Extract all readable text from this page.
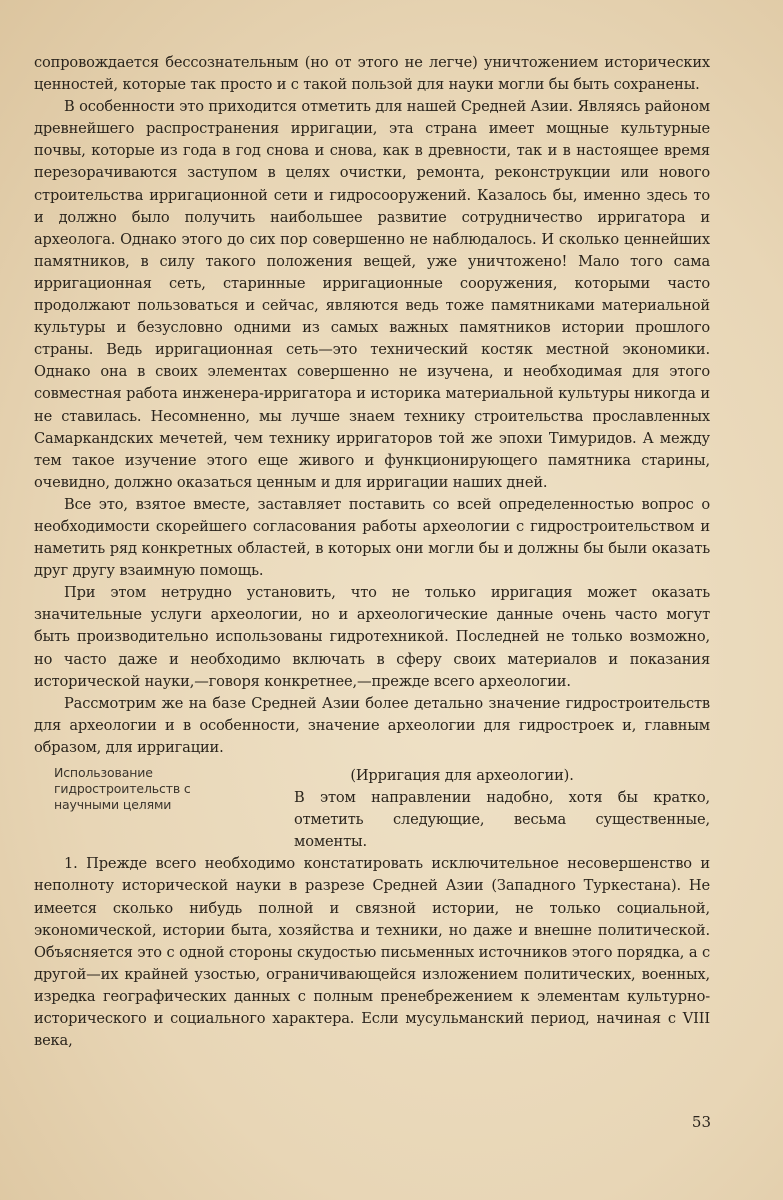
сопровождается бессознательным (но от этого не легче) уничтожением исторических ценностей, которые так просто и с такой пользой для науки могли бы быть сохранены.

В особенности это приходится отметить для нашей Средней Азии. Являясь районом древнейшего распространения ирригации, эта страна имеет мощные культурные почвы, которые из года в год снова и снова, как в древности, так и в настоящее время перезорачиваются заступом в целях очистки, ремонта, реконструкции или нового строительства ирригационной сети и гидросооружений. Казалось бы, именно здесь то и должно было получить наибольшее развитие сотрудничество ирригатора и археолога. Однако этого до сих пор совершенно не наблюдалось. И сколько ценнейших памятников, в силу такого положения вещей, уже уничтожено! Мало того сама ирригационная сеть, старинные ирригационные сооружения, которыми часто продолжают пользоваться и сейчас, являются ведь тоже памятниками материальной культуры и безусловно одними из самых важных памятников истории прошлого страны. Ведь ирригационная сеть—это технический костяк местной экономики. Однако она в своих элементах совершенно не изучена, и необходимая для этого совместная работа инженера-ирригатора и историка материальной культуры никогда и не ставилась. Несомненно, мы лучше знаем технику строительства прославленных Самаркандских мечетей, чем технику ирригаторов той же эпохи Тимуридов. А между тем такое изучение этого еще живого и функционирующего памятника старины, очевидно, должно оказаться ценным и для ирригации наших дней.

Все это, взятое вместе, заставляет поставить со всей определенностью вопрос о необходимости скорейшего согласования работы археологии с гидростроительством и наметить ряд конкретных областей, в которых они могли бы и должны бы были оказать друг другу взаимную помощь.

При этом нетрудно установить, что не только ирригация может оказать значительные услуги археологии, но и археологические данные очень часто могут быть производительно использованы гидротехникой. Последней не только возможно, но часто даже и необходимо включать в сферу своих материалов и показания исторической науки,—говоря конкретнее,—прежде всего археологии.

Рассмотрим же на базе Средней Азии более детально значение гидростроительств для археологии и в особенности, значение археологии для гидростроек и, главным образом, для ирригации.

Использование гидростроительств с научными целями
(Ирригация для археологии).
В этом направлении надобно, хотя бы кратко, отметить следующие, весьма существенные, моменты.

1. Прежде всего необходимо констатировать исключительное несовершенство и неполноту исторической науки в разрезе Средней Азии (Западного Туркестана). Не имеется сколько нибудь полной и связной истории, не только социальной, экономической, истории быта, хозяйства и техники, но даже и внешне политической. Объясняется это с одной стороны скудостью письменных источников этого порядка, а с другой—их крайней узостью, ограничивающейся изложением политических, военных, изредка географических данных с полным пренебрежением к элементам культурно-исторического и социального характера. Если мусульманский период, начиная с VIII века,

53
